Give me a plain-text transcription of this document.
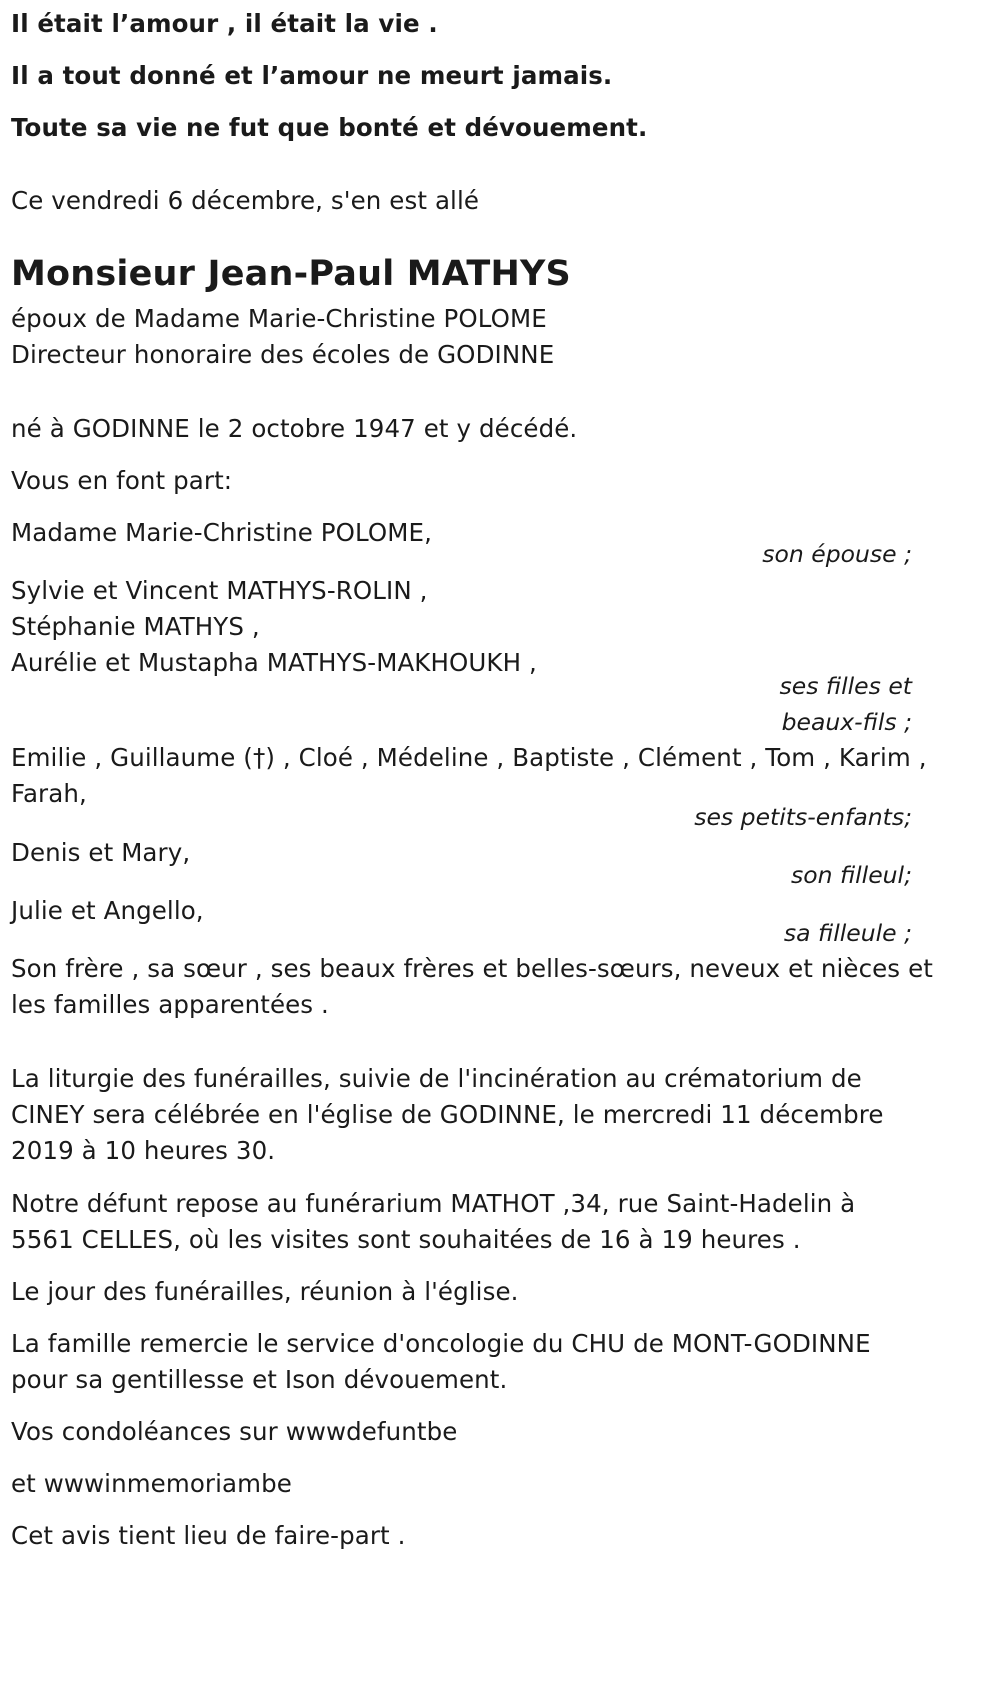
Il était l’amour , il était la vie .
Il a tout donné et l’amour ne meurt jamais.
Toute sa vie ne fut que bonté et dévouement.
Ce vendredi 6 décembre, s'en est allé
Monsieur Jean-Paul MATHYS
époux de Madame Marie-Christine POLOME
Directeur honoraire des écoles de GODINNE
né à GODINNE le 2 octobre 1947 et y décédé.
Vous en font part:
Madame Marie-Christine POLOME,
son épouse ;
Sylvie et Vincent MATHYS-ROLIN ,
Stéphanie MATHYS ,
Aurélie et Mustapha MATHYS-MAKHOUKH ,
ses filles et
beaux-fils ;
Emilie , Guillaume (†) , Cloé , Médeline , Baptiste , Clément , Tom , Karim ,
Farah,
ses petits-enfants;
Denis et Mary,
son filleul;
Julie et Angello,
sa filleule ;
Son frère , sa sœur , ses beaux frères et belles-sœurs, neveux et nièces et
les familles apparentées .
La liturgie des funérailles, suivie de l'incinération au crématorium de
CINEY sera célébrée en l'église de GODINNE, le mercredi 11 décembre
2019 à 10 heures 30.
Notre défunt repose au funérarium MATHOT ,34, rue Saint-Hadelin à
5561 CELLES, où les visites sont souhaitées de 16 à 19 heures .
Le jour des funérailles, réunion à l'église.
La famille remercie le service d'oncologie du CHU de MONT-GODINNE
pour sa gentillesse et Ison dévouement.
Vos condoléances sur wwwdefuntbe
et wwwinmemoriambe
Cet avis tient lieu de faire-part .
